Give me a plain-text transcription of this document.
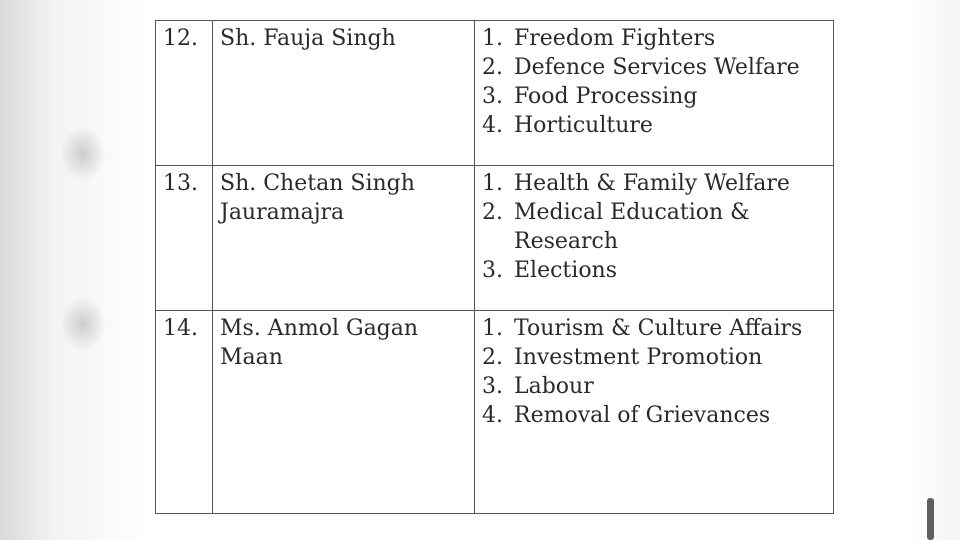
12.	Sh. Fauja Singh	1. Freedom Fighters
2. Defence Services Welfare
3. Food Processing
4. Horticulture

13.	Sh. Chetan Singh Jauramajra	1. Health & Family Welfare
2. Medical Education & Research
3. Elections

14.	Ms. Anmol Gagan Maan	1. Tourism & Culture Affairs
2. Investment Promotion
3. Labour
4. Removal of Grievances
